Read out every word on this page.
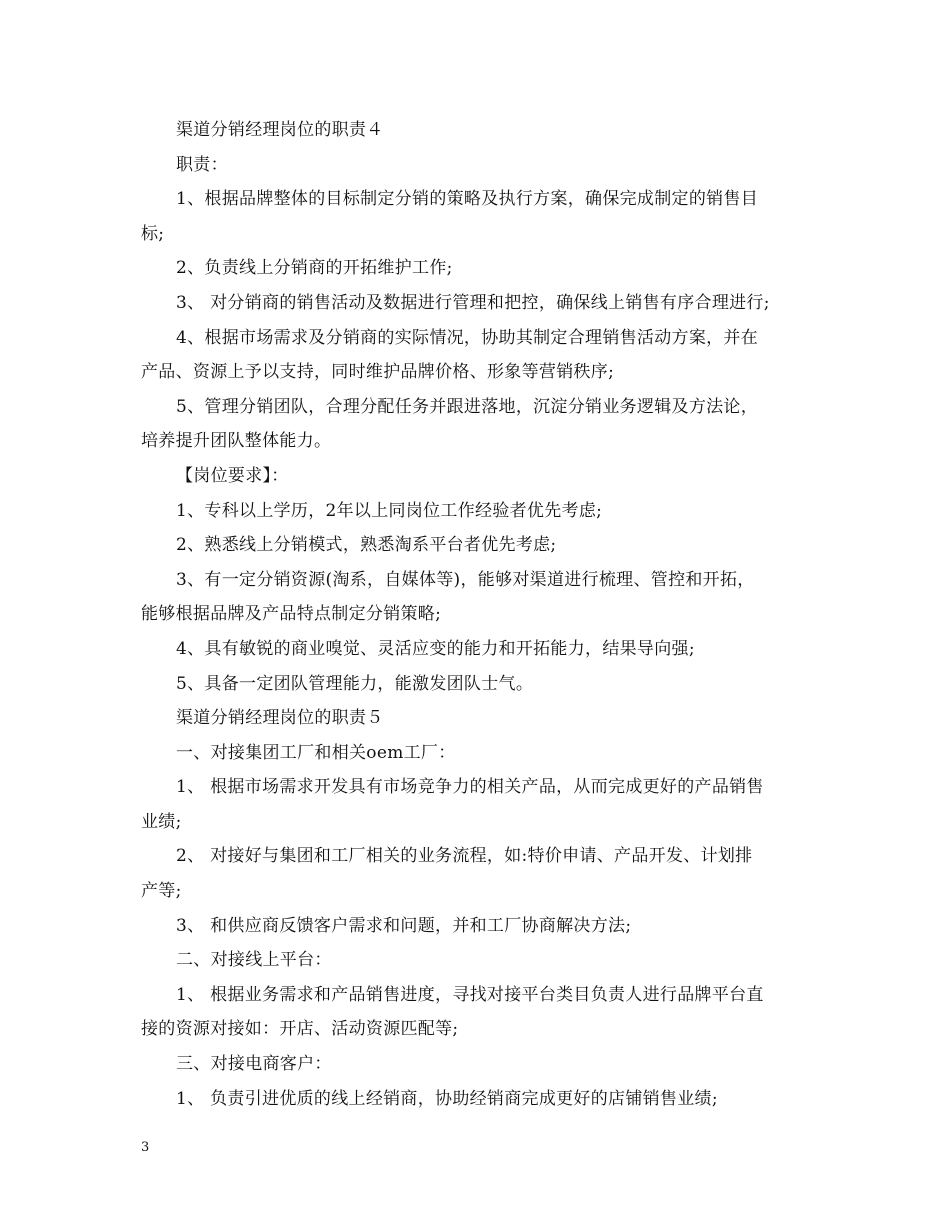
渠道分销经理岗位的职责４
职责：
1、根据品牌整体的目标制定分销的策略及执行方案，确保完成制定的销售目
标;
2、负责线上分销商的开拓维护工作;
3、 对分销商的销售活动及数据进行管理和把控，确保线上销售有序合理进行;
4、根据市场需求及分销商的实际情况，协助其制定合理销售活动方案，并在
产品、资源上予以支持，同时维护品牌价格、形象等营销秩序;
5、管理分销团队，合理分配任务并跟进落地，沉淀分销业务逻辑及方法论，
培养提升团队整体能力。
【岗位要求】：
1、专科以上学历，2年以上同岗位工作经验者优先考虑;
2、熟悉线上分销模式，熟悉淘系平台者优先考虑;
3、有一定分销资源(淘系，自媒体等)，能够对渠道进行梳理、管控和开拓，
能够根据品牌及产品特点制定分销策略;
4、具有敏锐的商业嗅觉、灵活应变的能力和开拓能力，结果导向强;
5、具备一定团队管理能力，能激发团队士气。
渠道分销经理岗位的职责５
一、对接集团工厂和相关oem工厂：
1、 根据市场需求开发具有市场竞争力的相关产品，从而完成更好的产品销售
业绩;
2、 对接好与集团和工厂相关的业务流程，如:特价申请、产品开发、计划排
产等;
3、 和供应商反馈客户需求和问题，并和工厂协商解决方法;
二、对接线上平台：
1、 根据业务需求和产品销售进度，寻找对接平台类目负责人进行品牌平台直
接的资源对接如：开店、活动资源匹配等;
三、对接电商客户：
1、 负责引进优质的线上经销商，协助经销商完成更好的店铺销售业绩;
3
